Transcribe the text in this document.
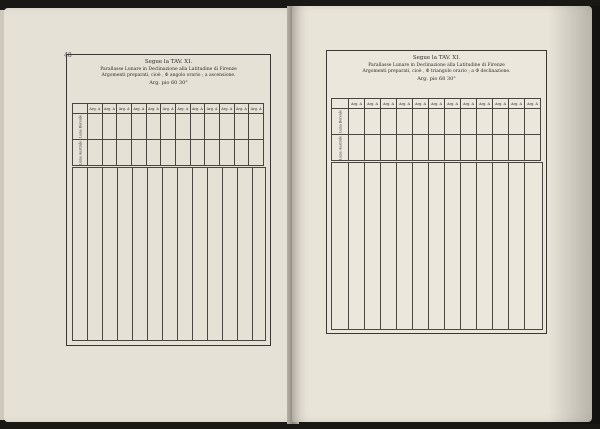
48
Segue la TAV. XI.
Parallasse Lunare in Declinazione alla Latitudine di Firenze
Argomenti preparati, cioè , Φ angolo orario ; a ascensione.
Arg. pio 60 30°
	Arg. A	Arg. A	Arg. A	Arg. A	Arg. A	Arg. A	Arg. A	Arg. A	Arg. A	Arg. A	Arg. A	Arg. A
Luna Boreale												
Luna Australe												
Segue la TAV. XI.
Parallasse Lunare in Declinazione alla Latitudine di Firenze
Argomenti preparati, cioè , Φ triangolo orario ; a Φ declinazione.
Arg. pio 68 30°
	Arg. A	Arg. A	Arg. A	Arg. A	Arg. A	Arg. A	Arg. A	Arg. A	Arg. A	Arg. A	Arg. A	Arg. A
Luna Boreale												
Luna Australe												
